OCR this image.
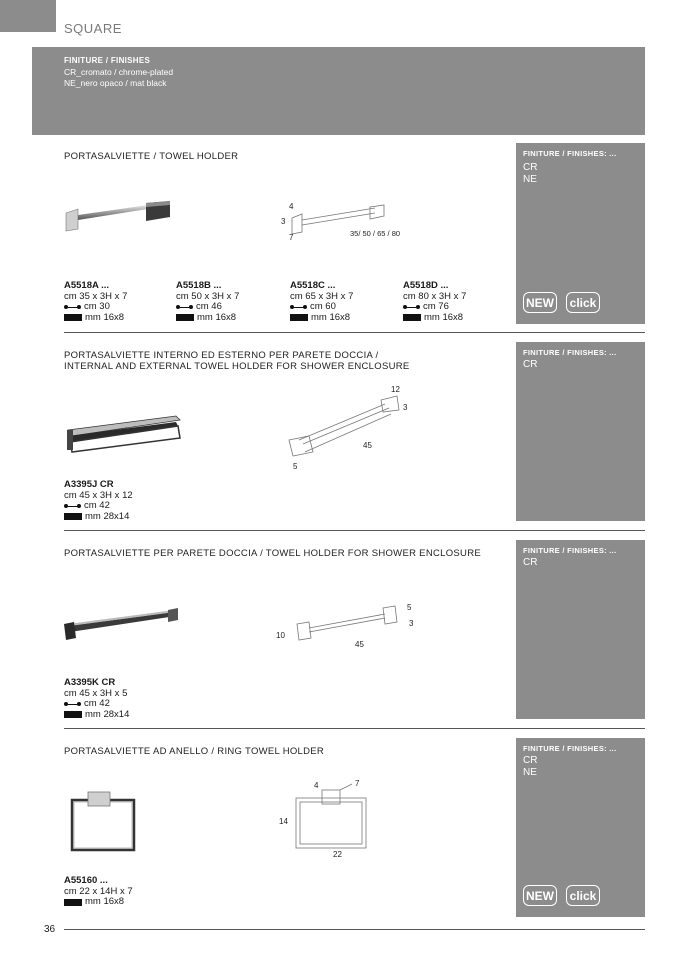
SQUARE
FINITURE / FINISHES
CR_cromato / chrome-plated
NE_nero opaco / mat black
PORTASALVIETTE / TOWEL HOLDER	FINITURE / FINISHES: ...
CR
NE
NEW	click
4
3
7	35/ 50 / 65 / 80
A5518A ...
cm 35 x 3H x 7
cm 30
mm 16x8
A5518B ...
cm 50 x 3H x 7
cm 46
mm 16x8
A5518C ...
cm 65 x 3H x 7
cm 60
mm 16x8
A5518D ...
cm 80 x 3H x 7
cm 76
mm 16x8
PORTASALVIETTE INTERNO ED ESTERNO PER PARETE DOCCIA /
INTERNAL AND EXTERNAL TOWEL HOLDER FOR SHOWER ENCLOSURE
FINITURE / FINISHES: ...
CR
12
3
45
5
A3395J CR
cm 45 x 3H x 12
cm 42
mm 28x14
PORTASALVIETTE PER PARETE DOCCIA / TOWEL HOLDER FOR SHOWER ENCLOSURE	FINITURE / FINISHES: ...
CR
5
3
10
45
A3395K CR
cm 45 x 3H x 5
cm 42
mm 28x14
PORTASALVIETTE AD ANELLO / RING TOWEL HOLDER	FINITURE / FINISHES: ...
CR
NE
NEW	click
4	7
14
22
A55160 ...
cm 22 x 14H x 7
mm 16x8
36
